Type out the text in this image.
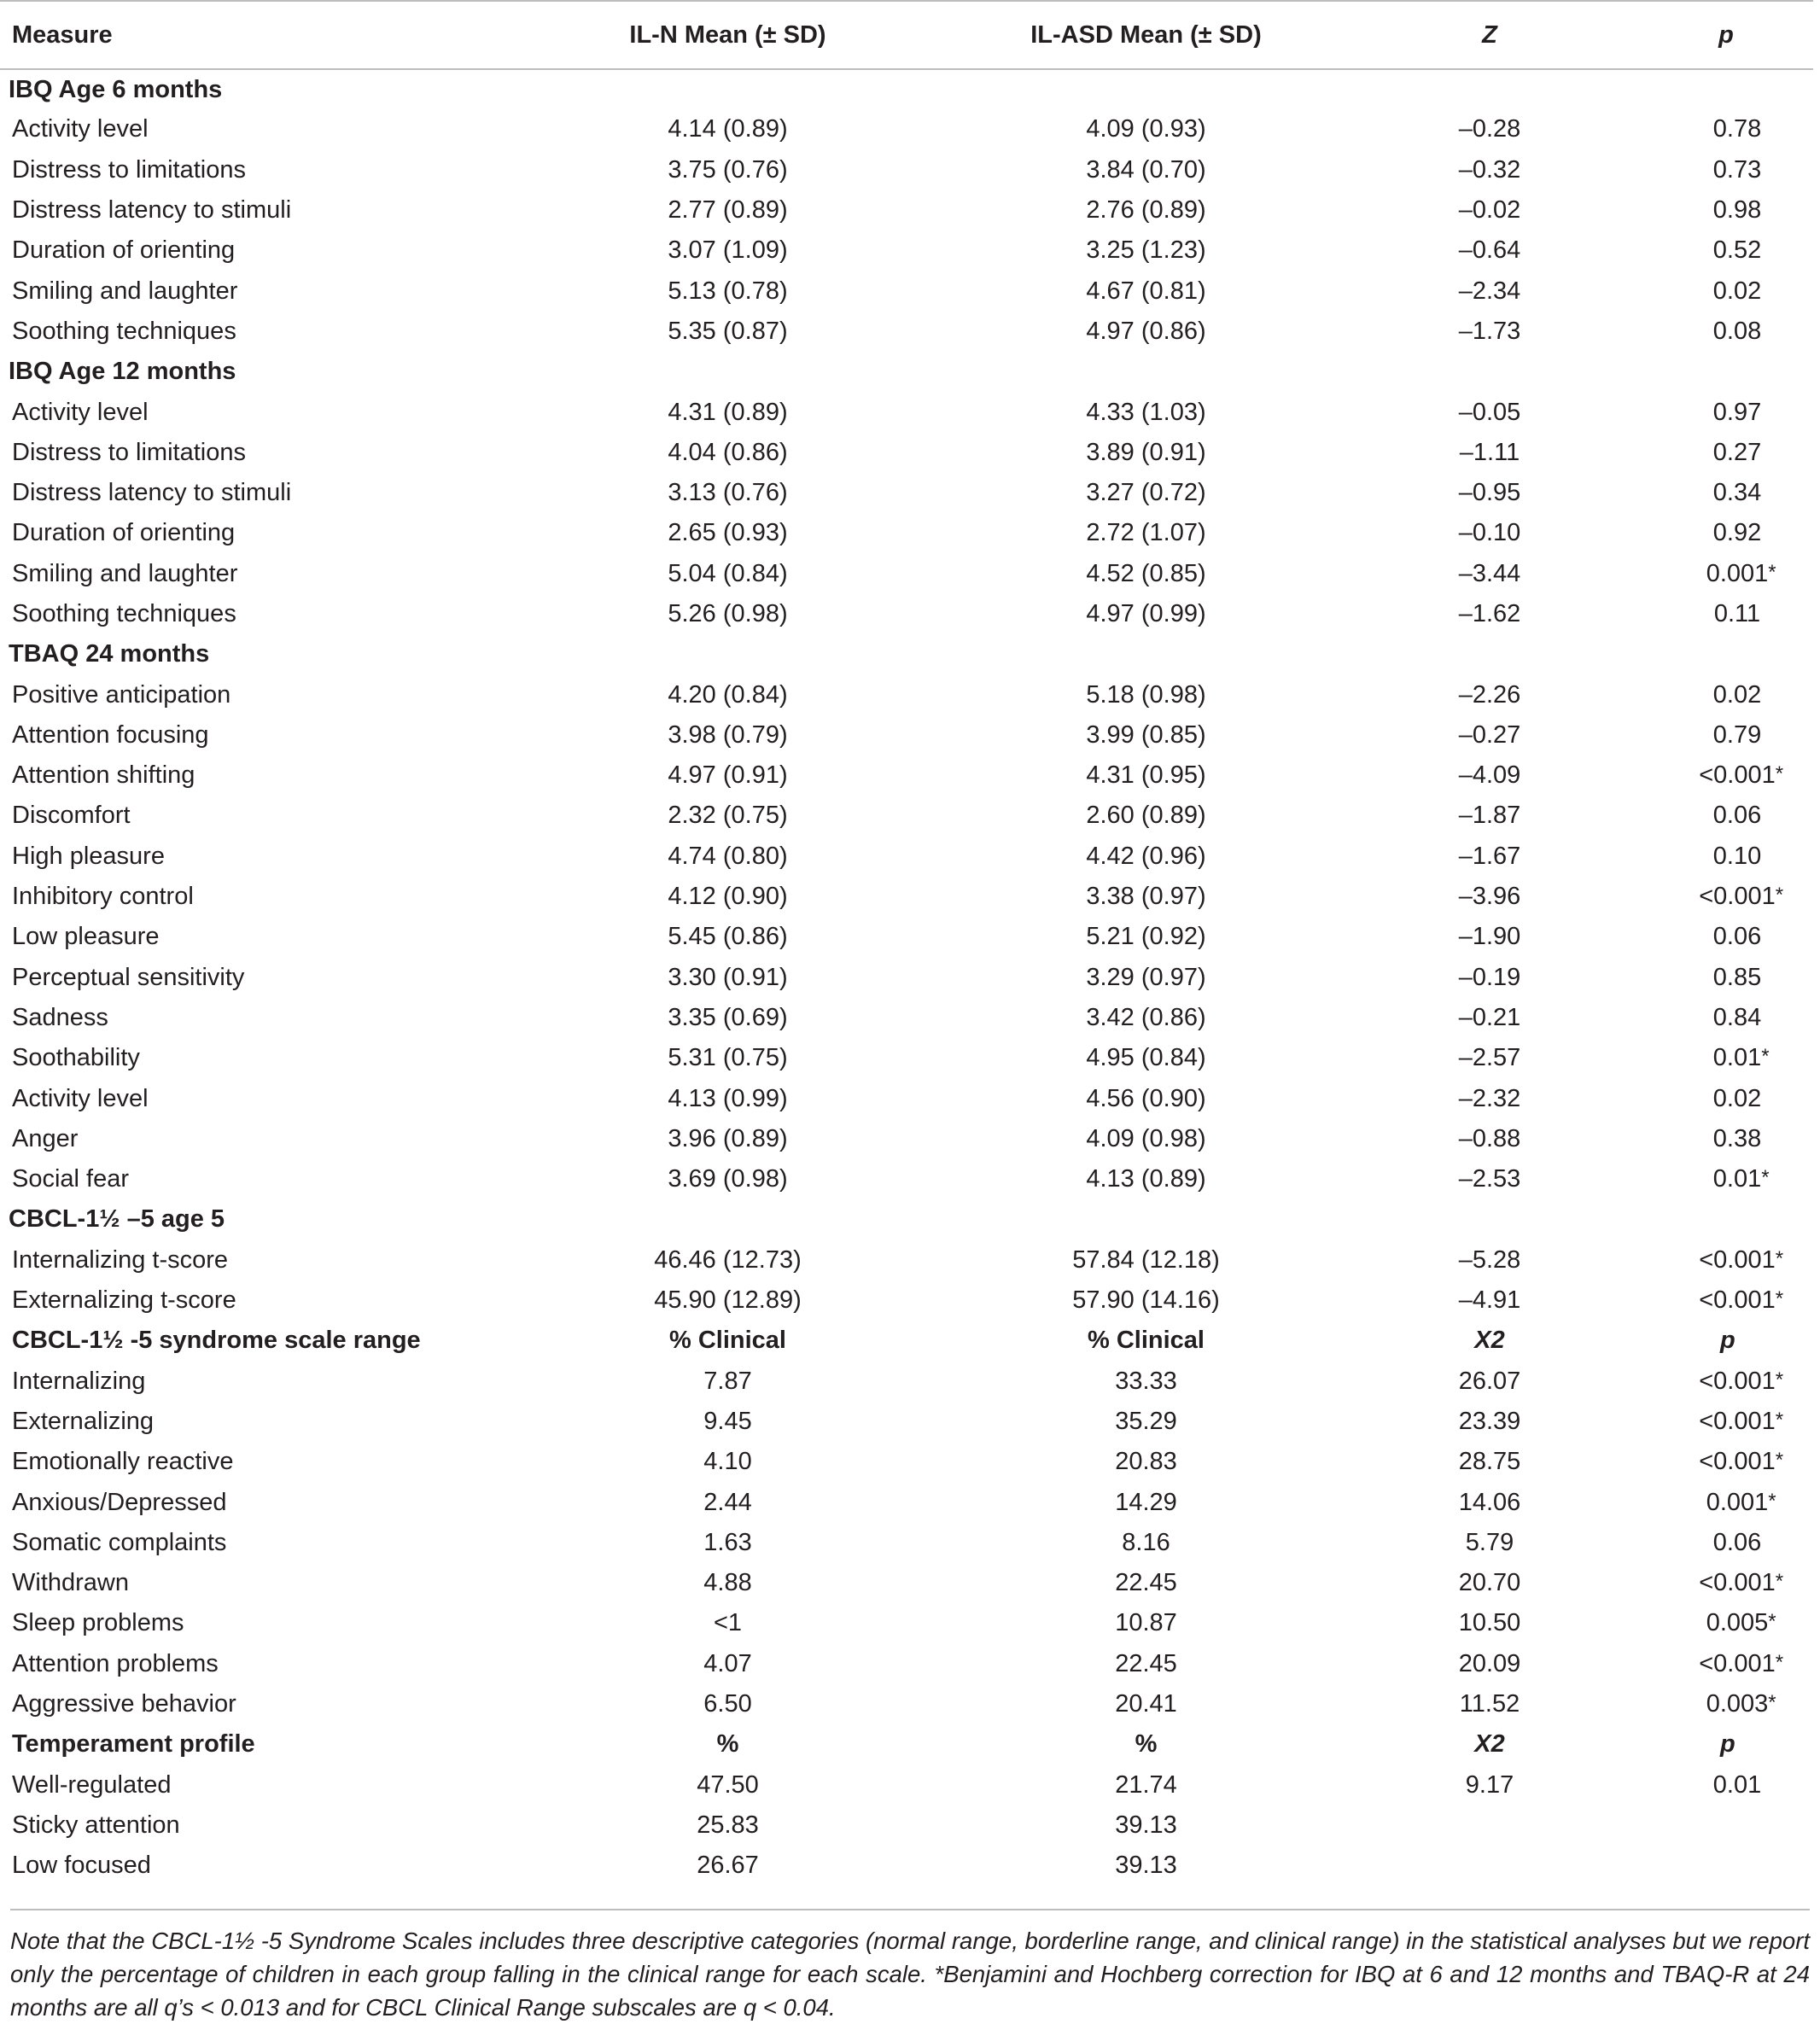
Measure	IL-N Mean (± SD)	IL-ASD Mean (± SD)	Z	p
IBQ Age 6 months				
Activity level	4.14 (0.89)	4.09 (0.93)	–0.28	0.78
Distress to limitations	3.75 (0.76)	3.84 (0.70)	–0.32	0.73
Distress latency to stimuli	2.77 (0.89)	2.76 (0.89)	–0.02	0.98
Duration of orienting	3.07 (1.09)	3.25 (1.23)	–0.64	0.52
Smiling and laughter	5.13 (0.78)	4.67 (0.81)	–2.34	0.02
Soothing techniques	5.35 (0.87)	4.97 (0.86)	–1.73	0.08
IBQ Age 12 months				
Activity level	4.31 (0.89)	4.33 (1.03)	–0.05	0.97
Distress to limitations	4.04 (0.86)	3.89 (0.91)	–1.11	0.27
Distress latency to stimuli	3.13 (0.76)	3.27 (0.72)	–0.95	0.34
Duration of orienting	2.65 (0.93)	2.72 (1.07)	–0.10	0.92
Smiling and laughter	5.04 (0.84)	4.52 (0.85)	–3.44	0.001*
Soothing techniques	5.26 (0.98)	4.97 (0.99)	–1.62	0.11
TBAQ 24 months				
Positive anticipation	4.20 (0.84)	5.18 (0.98)	–2.26	0.02
Attention focusing	3.98 (0.79)	3.99 (0.85)	–0.27	0.79
Attention shifting	4.97 (0.91)	4.31 (0.95)	–4.09	<0.001*
Discomfort	2.32 (0.75)	2.60 (0.89)	–1.87	0.06
High pleasure	4.74 (0.80)	4.42 (0.96)	–1.67	0.10
Inhibitory control	4.12 (0.90)	3.38 (0.97)	–3.96	<0.001*
Low pleasure	5.45 (0.86)	5.21 (0.92)	–1.90	0.06
Perceptual sensitivity	3.30 (0.91)	3.29 (0.97)	–0.19	0.85
Sadness	3.35 (0.69)	3.42 (0.86)	–0.21	0.84
Soothability	5.31 (0.75)	4.95 (0.84)	–2.57	0.01*
Activity level	4.13 (0.99)	4.56 (0.90)	–2.32	0.02
Anger	3.96 (0.89)	4.09 (0.98)	–0.88	0.38
Social fear	3.69 (0.98)	4.13 (0.89)	–2.53	0.01*
CBCL-1½ –5 age 5				
Internalizing t-score	46.46 (12.73)	57.84 (12.18)	–5.28	<0.001*
Externalizing t-score	45.90 (12.89)	57.90 (14.16)	–4.91	<0.001*
CBCL-1½ -5 syndrome scale range	% Clinical	% Clinical	X2	p
Internalizing	7.87	33.33	26.07	<0.001*
Externalizing	9.45	35.29	23.39	<0.001*
Emotionally reactive	4.10	20.83	28.75	<0.001*
Anxious/Depressed	2.44	14.29	14.06	0.001*
Somatic complaints	1.63	8.16	5.79	0.06
Withdrawn	4.88	22.45	20.70	<0.001*
Sleep problems	<1	10.87	10.50	0.005*
Attention problems	4.07	22.45	20.09	<0.001*
Aggressive behavior	6.50	20.41	11.52	0.003*
Temperament profile	%	%	X2	p
Well-regulated	47.50	21.74	9.17	0.01
Sticky attention	25.83	39.13		
Low focused	26.67	39.13		
Note that the CBCL-1½ -5 Syndrome Scales includes three descriptive categories (normal range, borderline range, and clinical range) in the statistical analyses but we report only the percentage of children in each group falling in the clinical range for each scale. *Benjamini and Hochberg correction for IBQ at 6 and 12 months and TBAQ-R at 24 months are all q’s < 0.013 and for CBCL Clinical Range subscales are q < 0.04.
